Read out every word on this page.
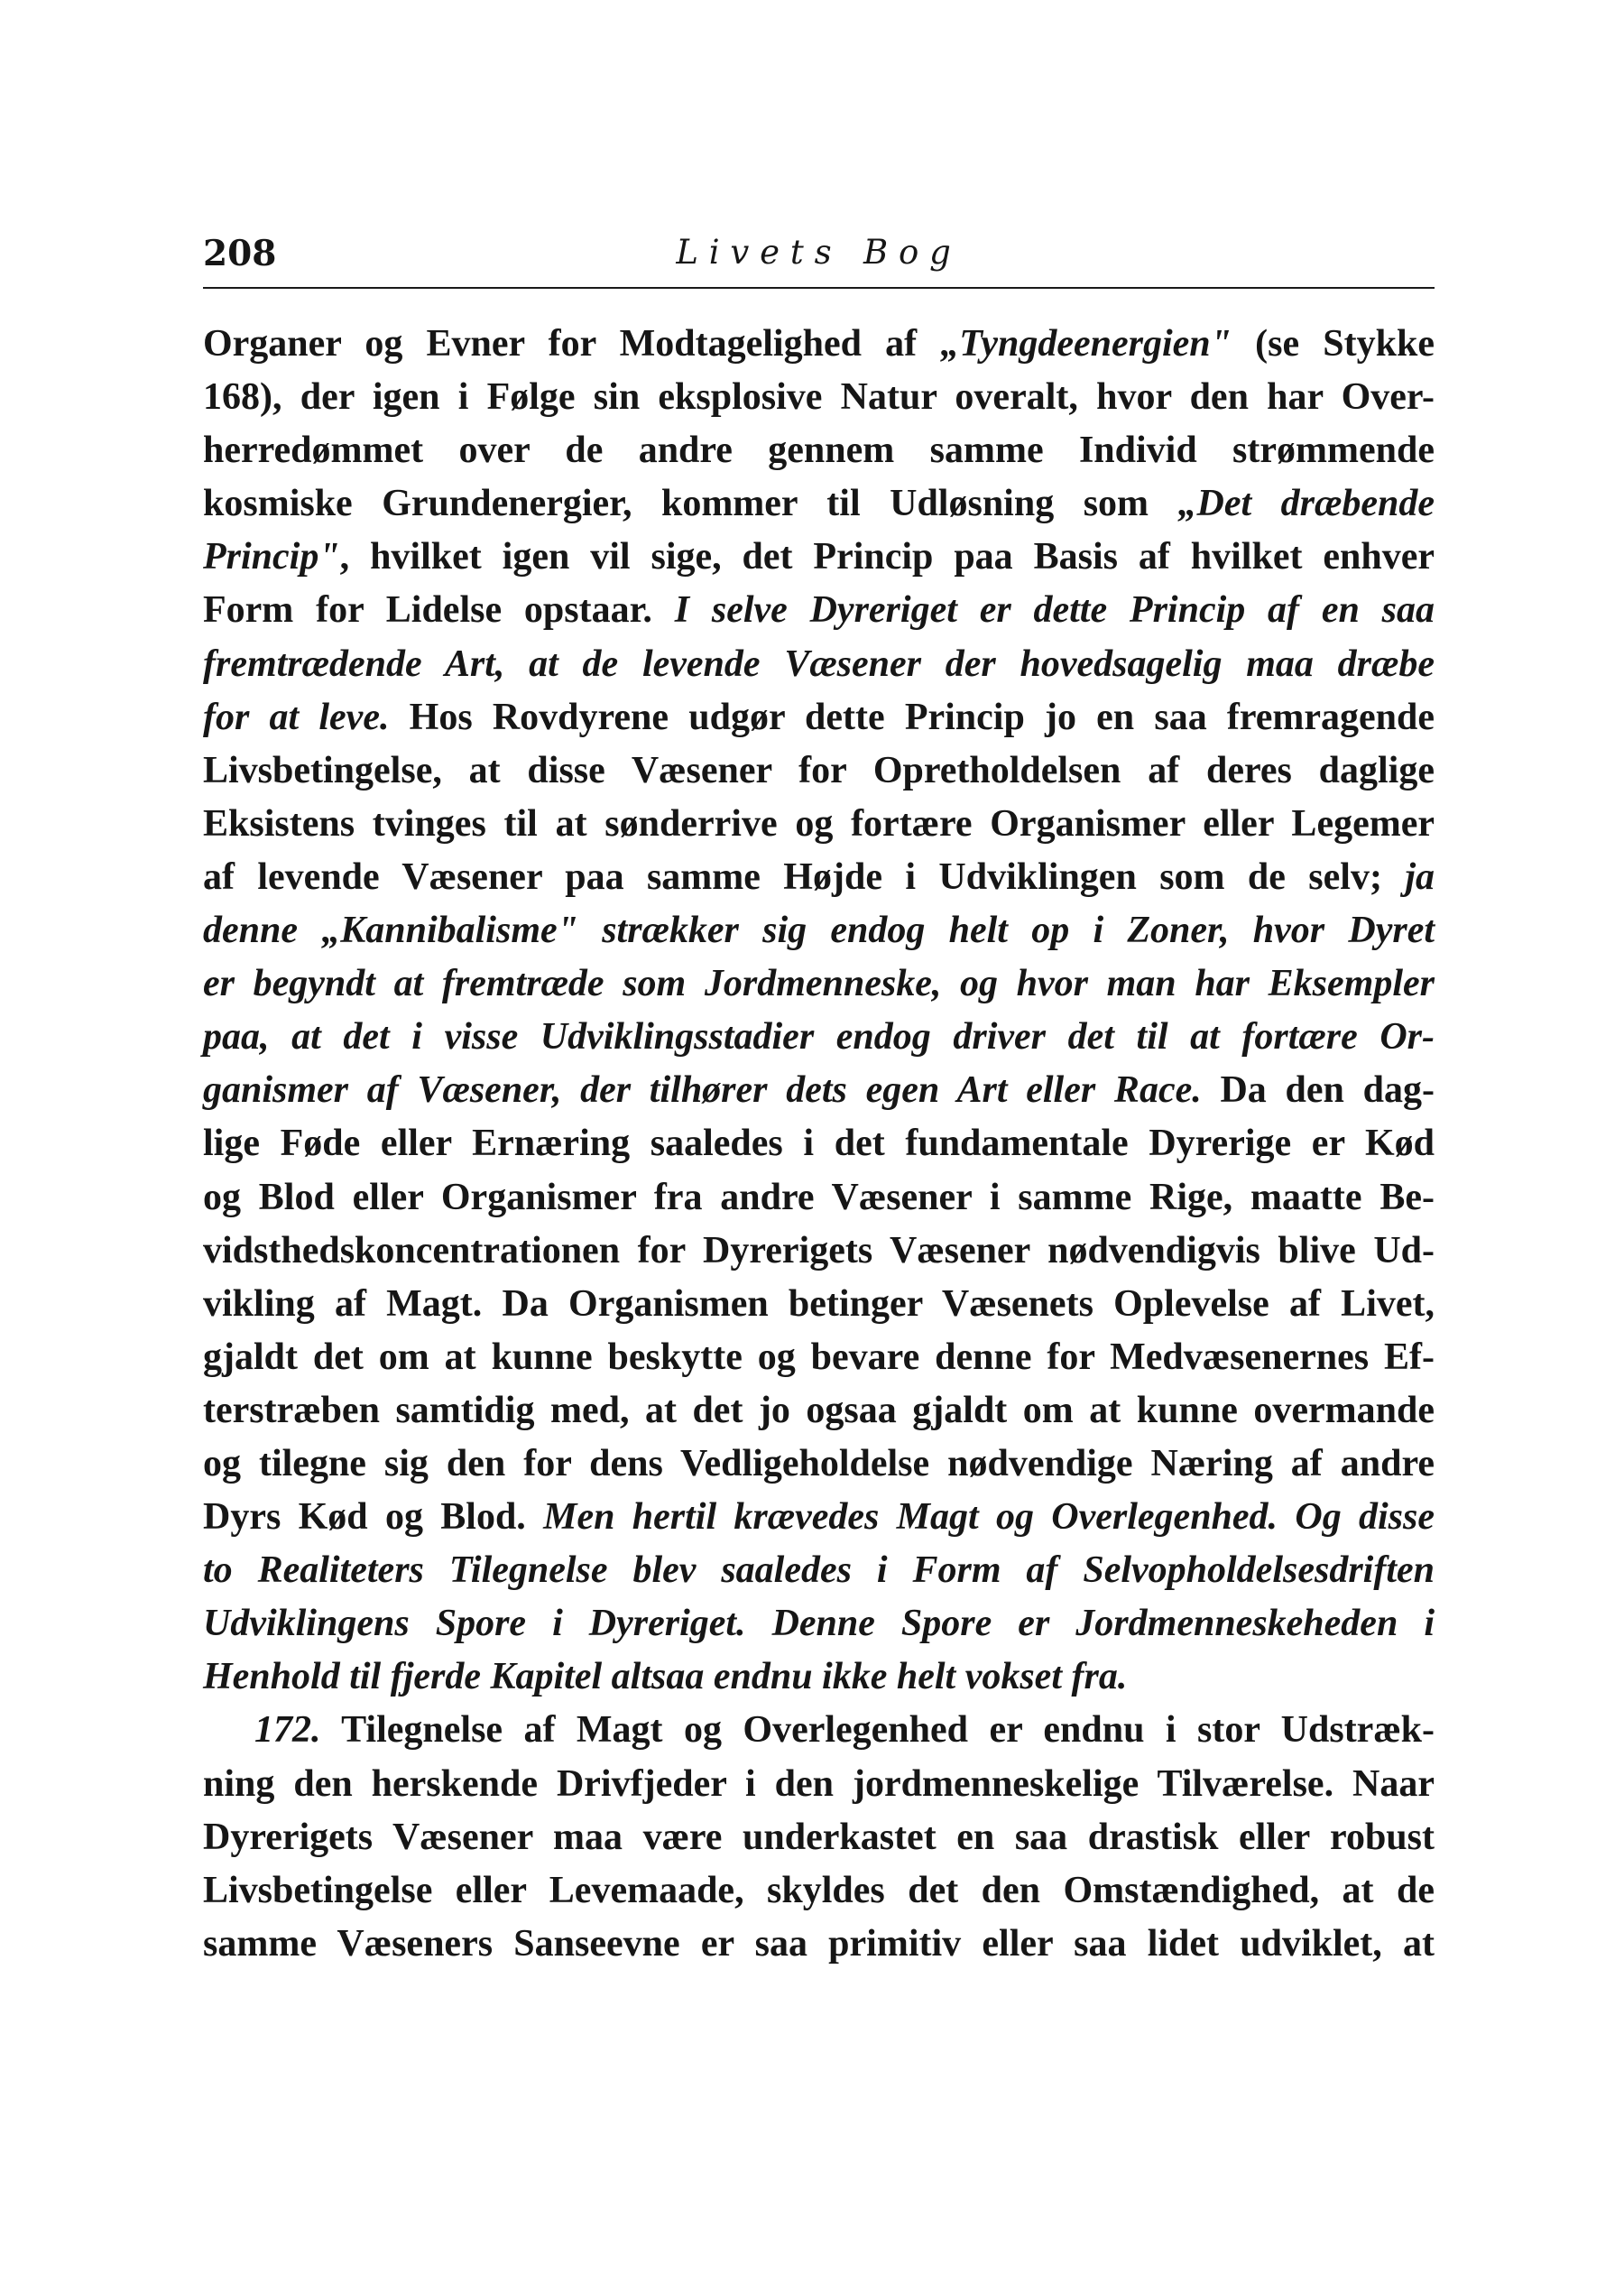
208	Livets Bog
Organer og Evner for Modtagelighed af „Tyngdeenergien" (se Stykke
168), der igen i Følge sin eksplosive Natur overalt, hvor den har Over-
herredømmet over de andre gennem samme Individ strømmende
kosmiske Grundenergier, kommer til Udløsning som „Det dræbende
Princip", hvilket igen vil sige, det Princip paa Basis af hvilket enhver
Form for Lidelse opstaar. I selve Dyreriget er dette Princip af en saa
fremtrædende Art, at de levende Væsener der hovedsagelig maa dræbe
for at leve. Hos Rovdyrene udgør dette Princip jo en saa fremragende
Livsbetingelse, at disse Væsener for Opretholdelsen af deres daglige
Eksistens tvinges til at sønderrive og fortære Organismer eller Legemer
af levende Væsener paa samme Højde i Udviklingen som de selv; ja
denne „Kannibalisme" strækker sig endog helt op i Zoner, hvor Dyret
er begyndt at fremtræde som Jordmenneske, og hvor man har Eksempler
paa, at det i visse Udviklingsstadier endog driver det til at fortære Or-
ganismer af Væsener, der tilhører dets egen Art eller Race. Da den dag-
lige Føde eller Ernæring saaledes i det fundamentale Dyrerige er Kød
og Blod eller Organismer fra andre Væsener i samme Rige, maatte Be-
vidsthedskoncentrationen for Dyrerigets Væsener nødvendigvis blive Ud-
vikling af Magt. Da Organismen betinger Væsenets Oplevelse af Livet,
gjaldt det om at kunne beskytte og bevare denne for Medvæsenernes Ef-
terstræben samtidig med, at det jo ogsaa gjaldt om at kunne overmande
og tilegne sig den for dens Vedligeholdelse nødvendige Næring af andre
Dyrs Kød og Blod. Men hertil krævedes Magt og Overlegenhed. Og disse
to Realiteters Tilegnelse blev saaledes i Form af Selvopholdelsesdriften
Udviklingens Spore i Dyreriget. Denne Spore er Jordmenneskeheden i
Henhold til fjerde Kapitel altsaa endnu ikke helt vokset fra.
172. Tilegnelse af Magt og Overlegenhed er endnu i stor Udstræk-
ning den herskende Drivfjeder i den jordmenneskelige Tilværelse. Naar
Dyrerigets Væsener maa være underkastet en saa drastisk eller robust
Livsbetingelse eller Levemaade, skyldes det den Omstændighed, at de
samme Væseners Sanseevne er saa primitiv eller saa lidet udviklet, at
